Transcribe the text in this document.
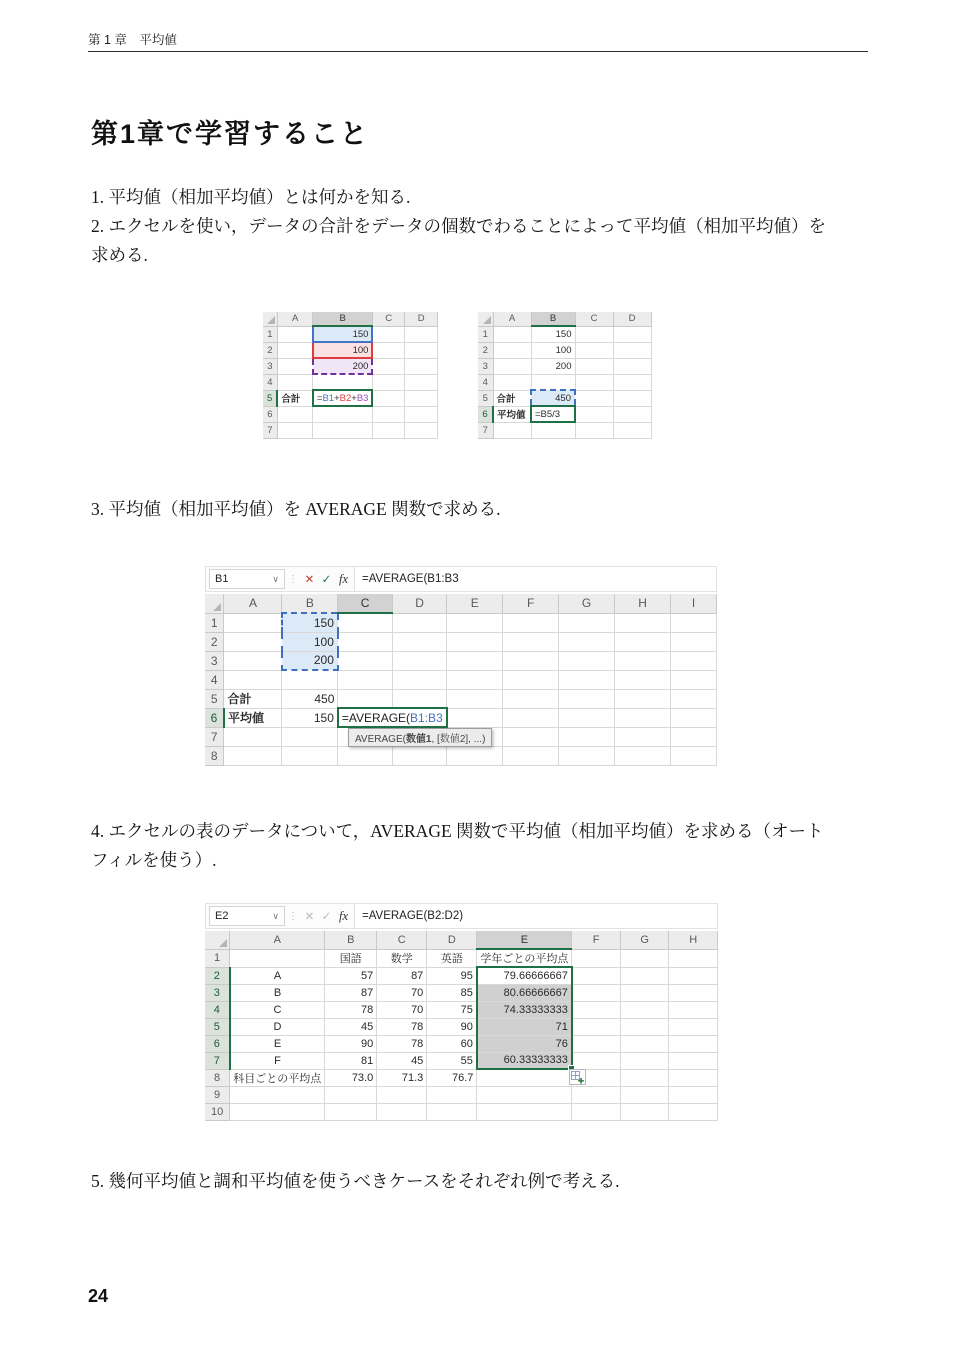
第 1 章　平均値
第1章で学習すること

1. 平均値（相加平均値）とは何かを知る.

2. エクセルを使い，データの合計をデータの個数でわることによって平均値（相加平均値）を求める.

3. 平均値（相加平均値）を AVERAGE 関数で求める.

4. エクセルの表のデータについて，AVERAGE 関数で平均値（相加平均値）を求める（オートフィルを使う）.

5. 幾何平均値と調和平均値を使うべきケースをそれぞれ例で考える.

	A	B	C	D
1		150		
2		100		
3		200		
4				
5	合計	=B1+B2+B3		
6				
7				
	A	B	C	D
1		150		
2		100		
3		200		
4				
5	合計	450		
6	平均値	=B5/3		
7				
B1	∨ ⋮ ✕ ✓ fx	=AVERAGE(B1:B3
	A	B	C	D	E	F	G	H	I
1		150							
2		100							
3		200							
4									
5	合計	450							
6	平均値	150	=AVERAGE(B1:B3						
7									
8									
AVERAGE(数値1, [数値2], ...)
E2	∨ ⋮ ✕ ✓ fx	=AVERAGE(B2:D2)
	A	B	C	D	E	F	G	H
1		国語	数学	英語	学年ごとの平均点			
2	A	57	87	95	79.66666667			
3	B	87	70	85	80.66666667			
4	C	78	70	75	74.33333333			
5	D	45	78	90	71			
6	E	90	78	60	76			
7	F	81	45	55	60.33333333			
8	科目ごとの平均点	73.0	71.3	76.7				
9								
10								
24
